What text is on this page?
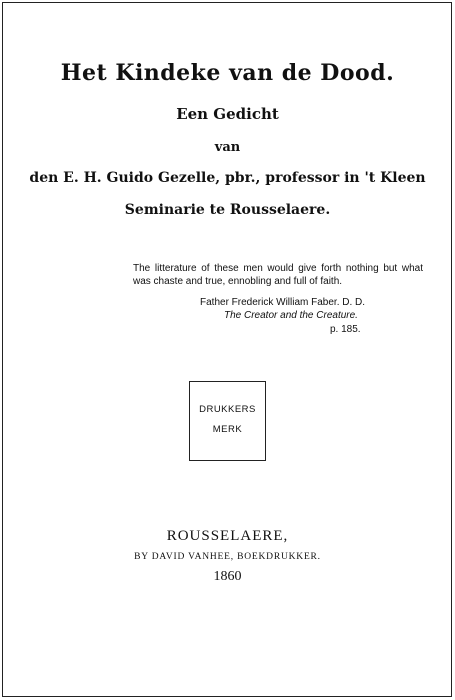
Het Kindeke van de Dood.
Een Gedicht
van
den E. H. Guido Gezelle, pbr., professor in 't Kleen
Seminarie te Rousselaere.
The litterature of these men would give forth nothing but what was chaste and true, ennobling and full of faith.
Father Frederick William Faber. D. D.
The Creator and the Creature.
p. 185.
DRUKKERS
MERK
ROUSSELAERE,
BY DAVID VANHEE, BOEKDRUKKER.
1860
